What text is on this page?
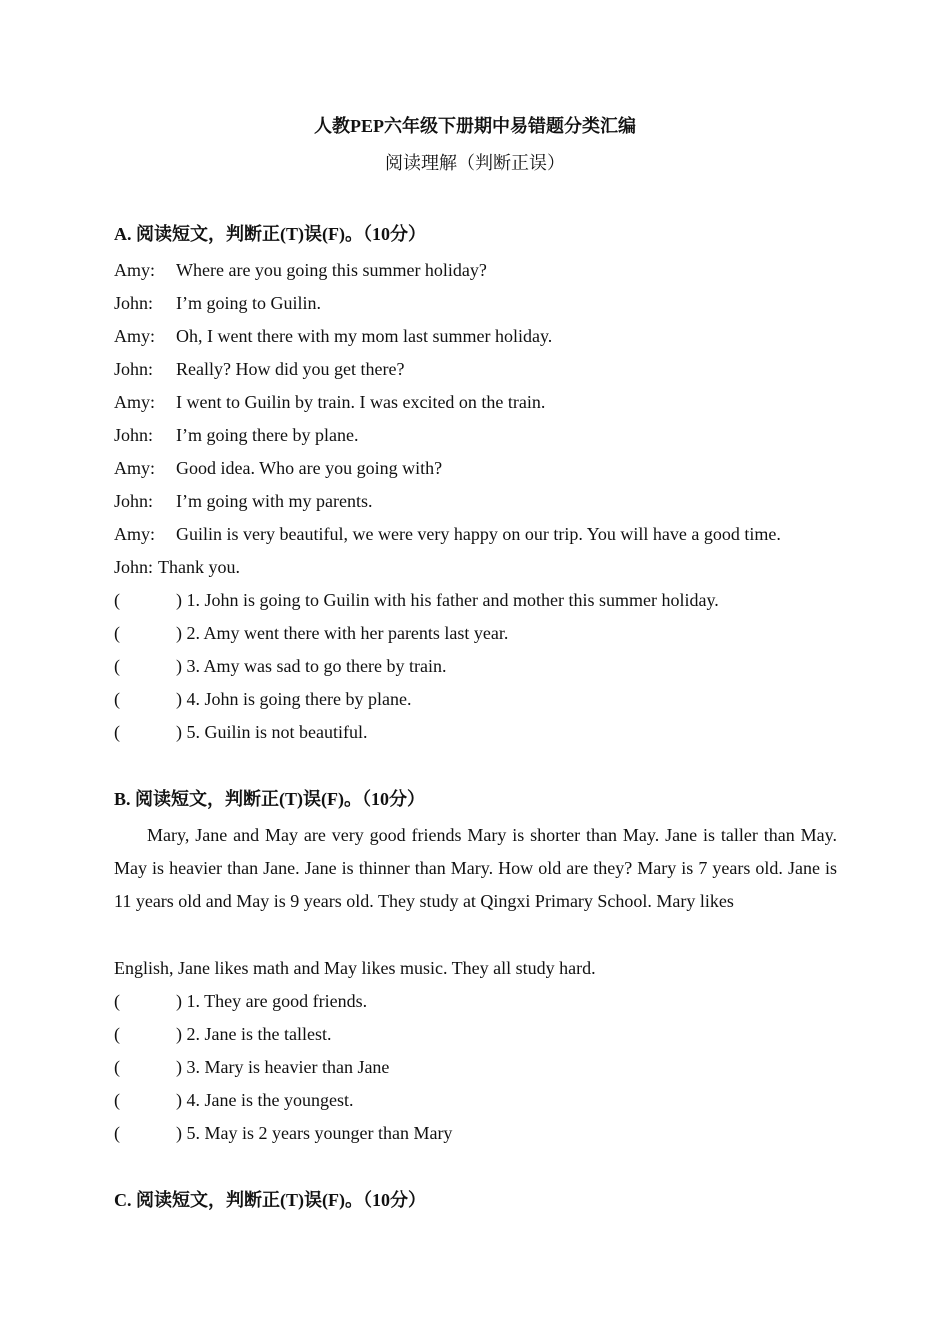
人教PEP六年级下册期中易错题分类汇编
阅读理解（判断正误）
A. 阅读短文，判断正(T)误(F)。（10分）
Amy: Where are you going this summer holiday?
John: I’m going to Guilin.
Amy: Oh, I went there with my mom last summer holiday.
John: Really? How did you get there?
Amy: I went to Guilin by train. I was excited on the train.
John: I’m going there by plane.
Amy: Good idea. Who are you going with?
John: I’m going with my parents.
Amy: Guilin is very beautiful, we were very happy on our trip. You will have a good time.
John: Thank you.
(	) 1. John is going to Guilin with his father and mother this summer holiday.
(	) 2. Amy went there with her parents last year.
(	) 3. Amy was sad to go there by train.
(	) 4. John is going there by plane.
(	) 5. Guilin is not beautiful.
B. 阅读短文，判断正(T)误(F)。（10分）

Mary, Jane and May are very good friends Mary is shorter than May. Jane is taller than May. May is heavier than Jane. Jane is thinner than Mary. How old are they? Mary is 7 years old. Jane is 11 years old and May is 9 years old. They study at Qingxi Primary School. Mary likes

English, Jane likes math and May likes music. They all study hard.
(	) 1. They are good friends.
(	) 2. Jane is the tallest.
(	) 3. Mary is heavier than Jane
(	) 4. Jane is the youngest.
(	) 5. May is 2 years younger than Mary
C. 阅读短文，判断正(T)误(F)。（10分）
